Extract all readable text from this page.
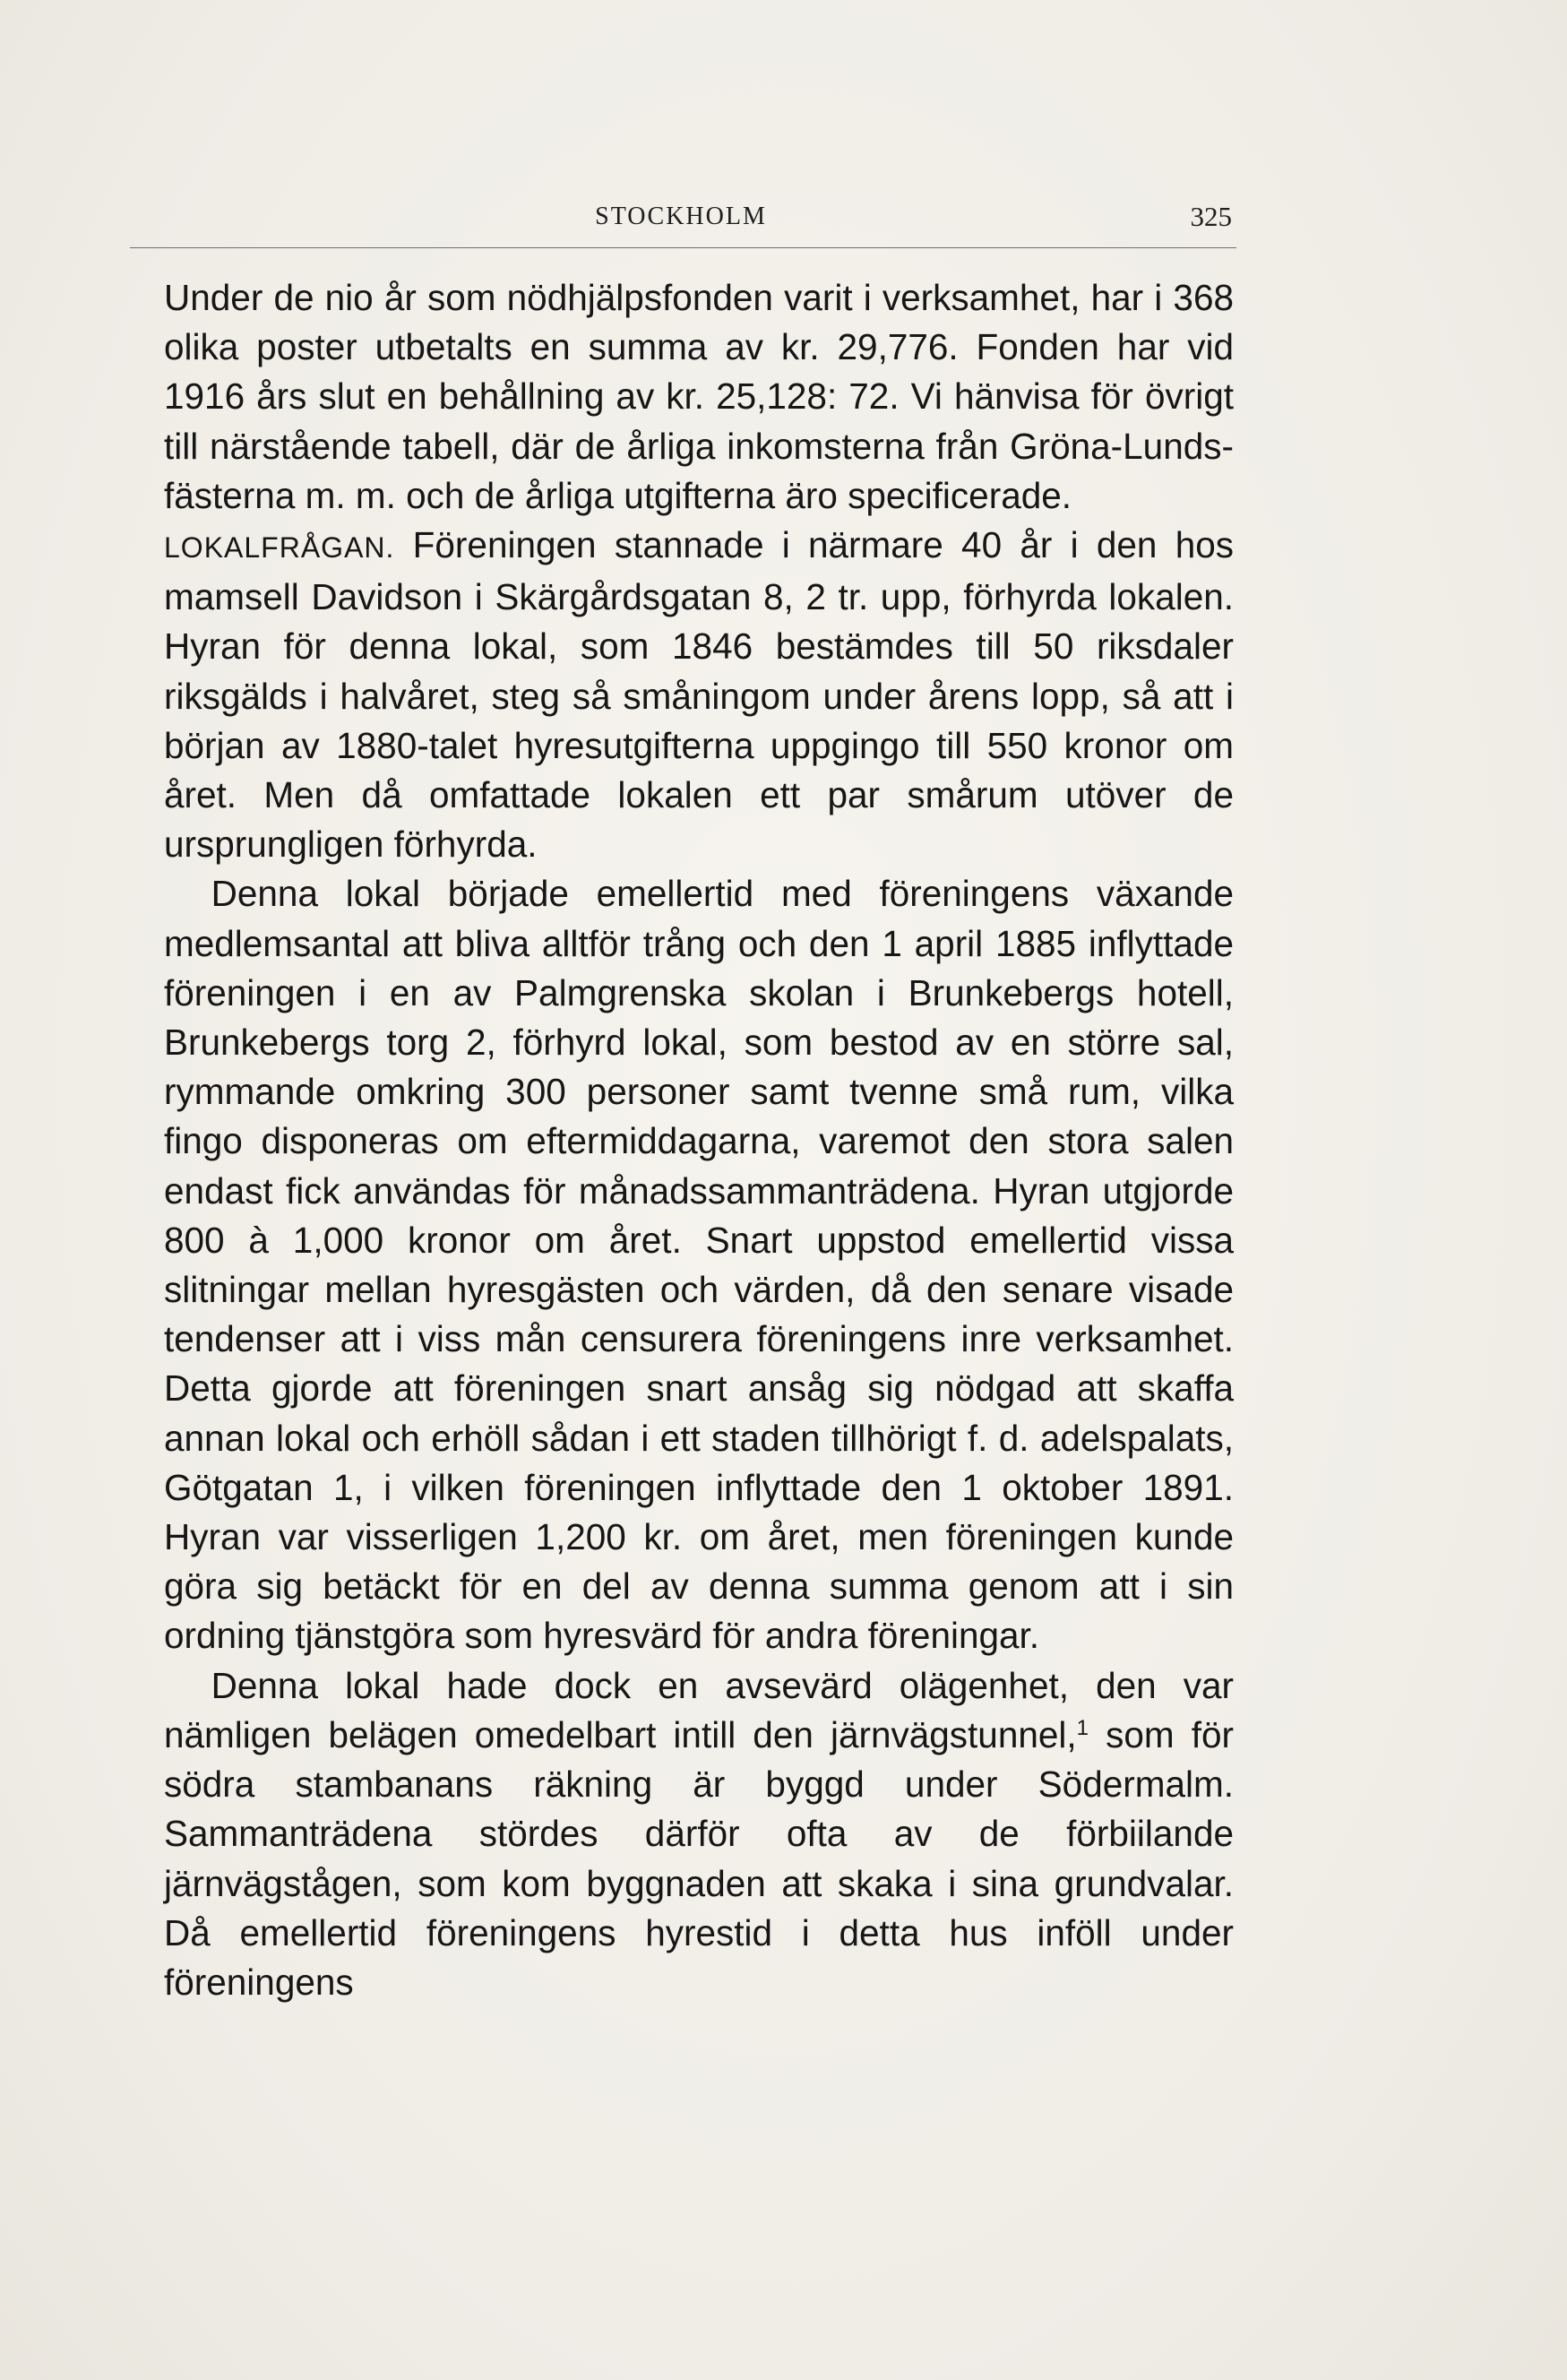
STOCKHOLM	325

Under de nio år som nödhjälpsfonden varit i verksamhet, har i 368 olika poster utbetalts en summa av kr. 29,776. Fonden har vid 1916 års slut en behållning av kr. 25,128: 72. Vi hänvisa för övrigt till närstående tabell, där de årliga inkomsterna från Gröna-Lunds-fästerna m. m. och de årliga utgifterna äro specificerade.

LOKALFRÅGAN. Föreningen stannade i närmare 40 år i den hos mamsell Davidson i Skärgårdsgatan 8, 2 tr. upp, förhyrda lokalen. Hyran för denna lokal, som 1846 bestämdes till 50 riksdaler riksgälds i halvåret, steg så småningom under årens lopp, så att i början av 1880-talet hyresutgifterna uppgingo till 550 kronor om året. Men då omfattade lokalen ett par smårum utöver de ursprungligen förhyrda.

Denna lokal började emellertid med föreningens växande medlemsantal att bliva alltför trång och den 1 april 1885 inflyttade föreningen i en av Palmgrenska skolan i Brunkebergs hotell, Brunkebergs torg 2, förhyrd lokal, som bestod av en större sal, rymmande omkring 300 personer samt tvenne små rum, vilka fingo disponeras om eftermiddagarna, varemot den stora salen endast fick användas för månadssammanträdena. Hyran utgjorde 800 à 1,000 kronor om året. Snart uppstod emellertid vissa slitningar mellan hyresgästen och värden, då den senare visade tendenser att i viss mån censurera föreningens inre verksamhet. Detta gjorde att föreningen snart ansåg sig nödgad att skaffa annan lokal och erhöll sådan i ett staden tillhörigt f. d. adelspalats, Götgatan 1, i vilken föreningen inflyttade den 1 oktober 1891. Hyran var visserligen 1,200 kr. om året, men föreningen kunde göra sig betäckt för en del av denna summa genom att i sin ordning tjänstgöra som hyresvärd för andra föreningar.

Denna lokal hade dock en avsevärd olägenhet, den var nämligen belägen omedelbart intill den järnvägstunnel,$^1$ som för södra stambanans räkning är byggd under Södermalm. Sammanträdena stördes därför ofta av de förbiilande järnvägstågen, som kom byggnaden att skaka i sina grundvalar. Då emellertid föreningens hyrestid i detta hus inföll under föreningens
